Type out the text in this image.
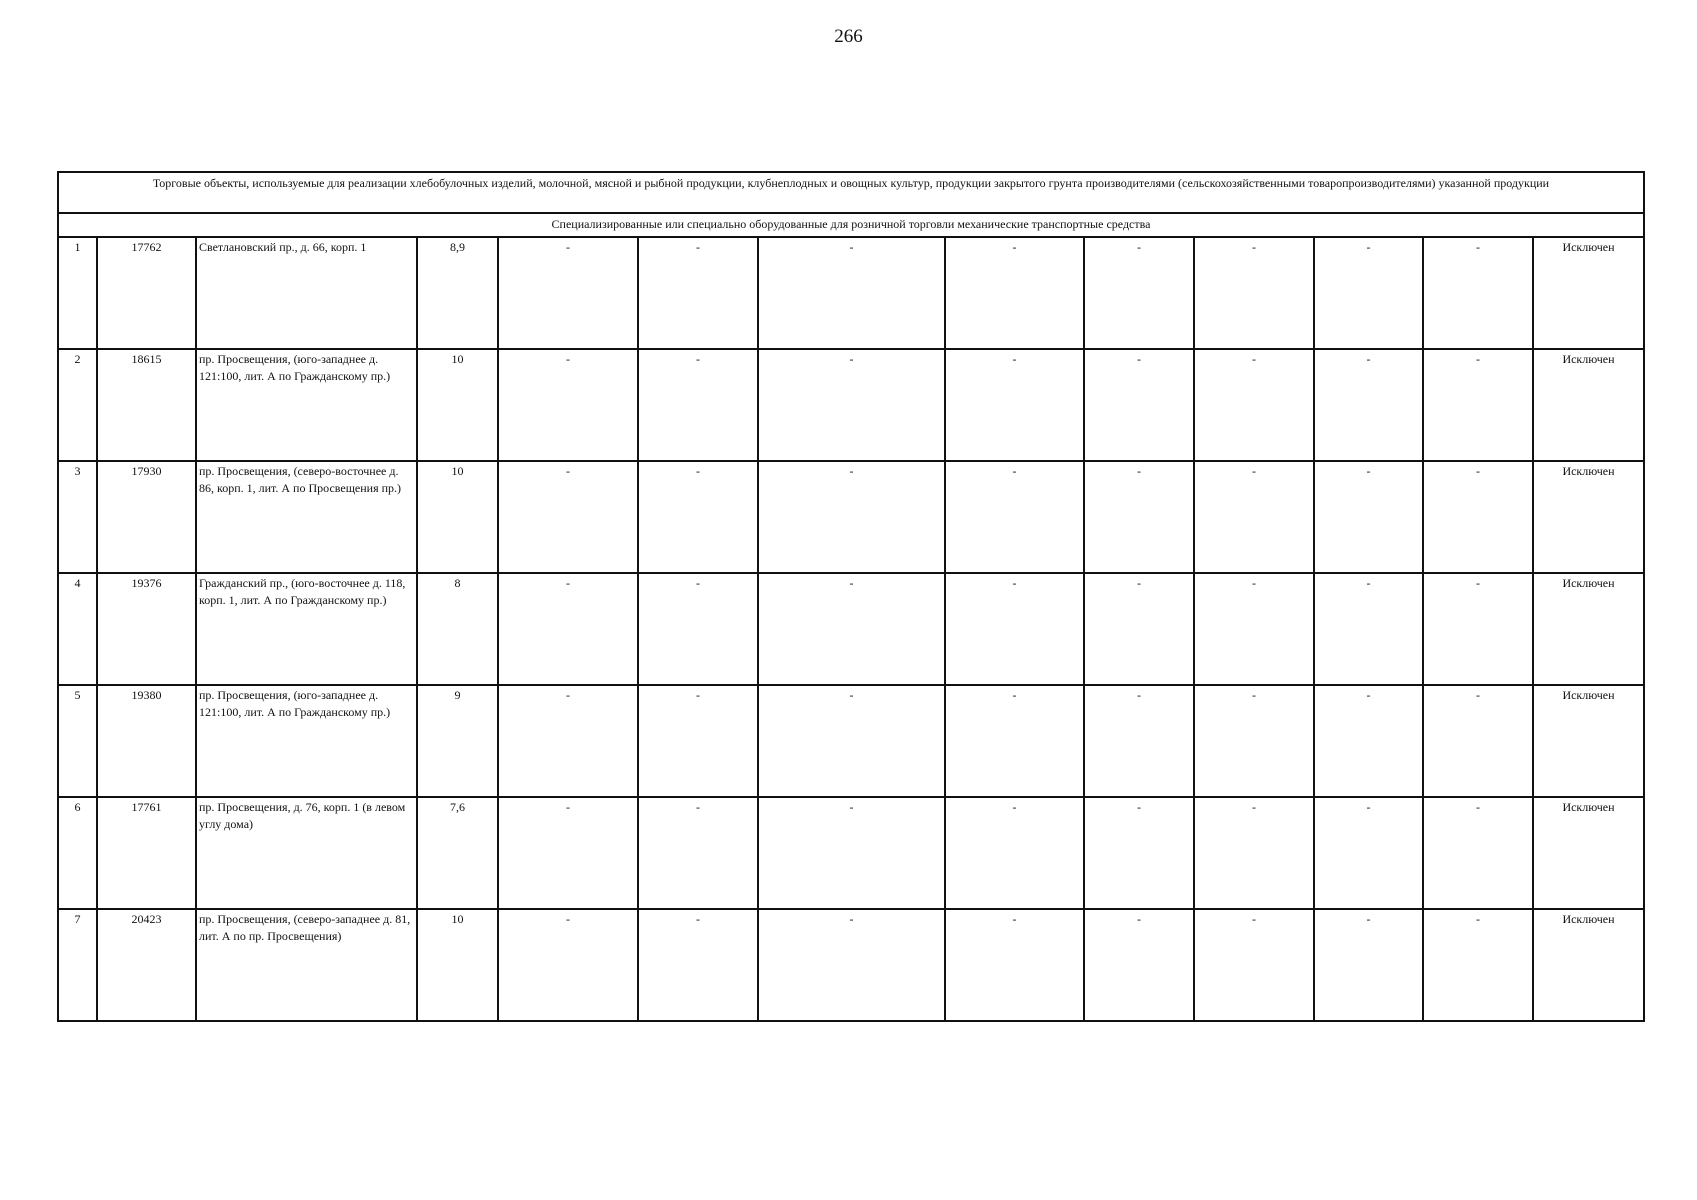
266
Торговые объекты, используемые для реализации хлебобулочных изделий, молочной, мясной и рыбной продукции, клубнеплодных и овощных культур, продукции закрытого грунта производителями (сельскохозяйственными товаропроизводителями) указанной продукции												
Специализированные или специально оборудованные для розничной торговли механические транспортные средства												
1	17762	Светлановский пр., д. 66, корп. 1	8,9	-	-	-	-	-	-	-	-	Исключен
2	18615	пр. Просвещения, (юго-западнее д. 121:100, лит. А по Гражданскому пр.)	10	-	-	-	-	-	-	-	-	Исключен
3	17930	пр. Просвещения, (северо-восточнее д. 86, корп. 1, лит. А по Просвещения пр.)	10	-	-	-	-	-	-	-	-	Исключен
4	19376	Гражданский пр., (юго-восточнее д. 118, корп. 1, лит. А по Гражданскому пр.)	8	-	-	-	-	-	-	-	-	Исключен
5	19380	пр. Просвещения, (юго-западнее д. 121:100, лит. А по Гражданскому пр.)	9	-	-	-	-	-	-	-	-	Исключен
6	17761	пр. Просвещения, д. 76, корп. 1 (в левом углу дома)	7,6	-	-	-	-	-	-	-	-	Исключен
7	20423	пр. Просвещения, (северо-западнее д. 81, лит. А по пр. Просвещения)	10	-	-	-	-	-	-	-	-	Исключен
